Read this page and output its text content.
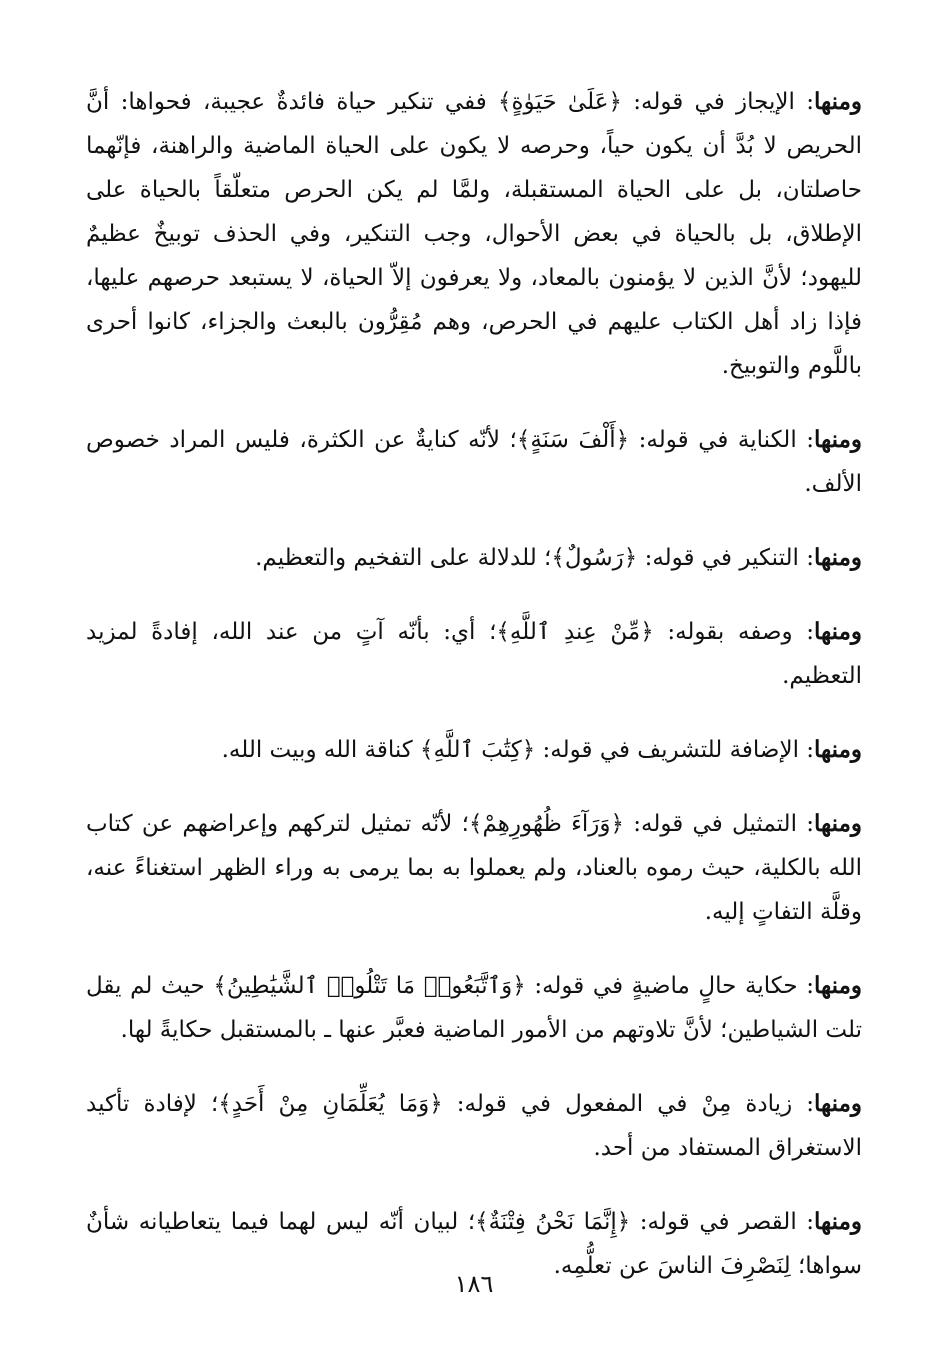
ومنها: الإيجاز في قوله: ﴿عَلَىٰ حَيَوٰةٍ﴾ ففي تنكير حياة فائدةٌ عجيبة، فحواها: أنَّ الحريص لا بُدَّ أن يكون حياً، وحرصه لا يكون على الحياة الماضية والراهنة، فإنّهما حاصلتان، بل على الحياة المستقبلة، ولمَّا لم يكن الحرص متعلّقاً بالحياة على الإطلاق، بل بالحياة في بعض الأحوال، وجب التنكير، وفي الحذف توبيخٌ عظيمٌ لليهود؛ لأنَّ الذين لا يؤمنون بالمعاد، ولا يعرفون إلاّ الحياة، لا يستبعد حرصهم عليها، فإذا زاد أهل الكتاب عليهم في الحرص، وهم مُقِرُّون بالبعث والجزاء، كانوا أحرى باللَّوم والتوبيخ.

ومنها: الكناية في قوله: ﴿أَلْفَ سَنَةٍ﴾؛ لأنّه كنايةٌ عن الكثرة، فليس المراد خصوص الألف.

ومنها: التنكير في قوله: ﴿رَسُولٌ﴾؛ للدلالة على التفخيم والتعظيم.

ومنها: وصفه بقوله: ﴿مِّنْ عِندِ ٱللَّهِ﴾؛ أي: بأنّه آتٍ من عند الله، إفادةً لمزيد التعظيم.

ومنها: الإضافة للتشريف في قوله: ﴿كِتَٰبَ ٱللَّهِ﴾ كناقة الله وبيت الله.

ومنها: التمثيل في قوله: ﴿وَرَآءَ ظُهُورِهِمْ﴾؛ لأنّه تمثيل لتركهم وإعراضهم عن كتاب الله بالكلية، حيث رموه بالعناد، ولم يعملوا به بما يرمى به وراء الظهر استغناءً عنه، وقلَّة التفاتٍ إليه.

ومنها: حكاية حالٍ ماضيةٍ في قوله: ﴿وَٱتَّبَعُوا۟ مَا تَتْلُوا۟ ٱلشَّيَٰطِينُ﴾ حيث لم يقل تلت الشياطين؛ لأنَّ تلاوتهم من الأمور الماضية فعبَّر عنها ـ بالمستقبل حكايةً لها.

ومنها: زيادة مِنْ في المفعول في قوله: ﴿وَمَا يُعَلِّمَانِ مِنْ أَحَدٍ﴾؛ لإفادة تأكيد الاستغراق المستفاد من أحد.

ومنها: القصر في قوله: ﴿إِنَّمَا نَحْنُ فِتْنَةٌ﴾؛ لبيان أنّه ليس لهما فيما يتعاطيانه شأنٌ سواها؛ لِنَصْرِفَ الناسَ عن تعلُّمِه.

١٨٦
